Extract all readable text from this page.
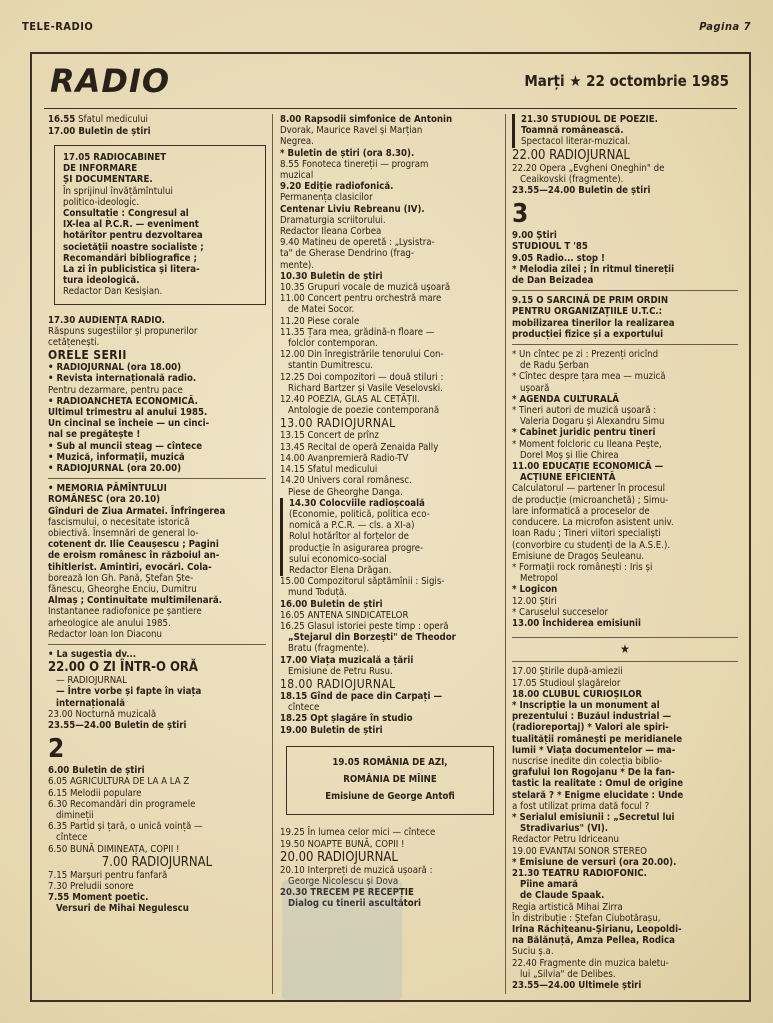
TELE-RADIO	Pagina 7
RADIO	Marți ★ 22 octombrie 1985
16.55 Sfatul medicului
17.00 Buletin de știri

17.05 RADIOCABINET

DE INFORMARE

ȘI DOCUMENTARE.

În sprijinul învățămîntului

politico-ideologic.

Consultație : Congresul al

IX-lea al P.C.R. — eveniment

hotărîtor pentru dezvoltarea

societății noastre socialiste ;

Recomandări bibliografice ;

La zi în publicistica și litera-

tura ideologică.

Redactor Dan Kesișian.

17.30 AUDIENȚA RADIO.

Răspuns sugestiilor și propunerilor

cetățenești.

ORELE SERII

• RADIOJURNAL (ora 18.00)

• Revista internațională radio.

Pentru dezarmare, pentru pace

• RADIOANCHETA ECONOMICĂ.

Ultimul trimestru al anului 1985.

Un cincinal se încheie — un cinci-

nal se pregătește !

• Sub al muncii steag — cîntece

• Muzică, informații, muzică

• RADIOJURNAL (ora 20.00)

• MEMORIA PĂMÎNTULUI

ROMÂNESC (ora 20.10)

Gînduri de Ziua Armatei. Înfrîngerea

fascismului, o necesitate istorică

obiectivă. Însemnări de general lo-

cotenent dr. Ilie Ceaușescu ; Pagini

de eroism românesc în războiul an-

tihitlerist. Amintiri, evocări. Cola-

borează Ion Gh. Pană, Ștefan Ște-

fănescu, Gheorghe Enciu, Dumitru

Almaș ; Continuitate multimilenară.

Instantanee radiofonice pe șantiere

arheologice ale anului 1985.

Redactor Ioan Ion Diaconu

• La sugestia dv...

22.00 O ZI ÎNTR-O ORĂ

— RADIOJURNAL

— Între vorbe și fapte în viața

internațională

23.00 Nocturnă muzicală

23.55—24.00 Buletin de știri

2

6.00 Buletin de știri

6.05 AGRICULTURA DE LA A LA Z

6.15 Melodii populare

6.30 Recomandări din programele

dimineții

6.35 Partid și țară, o unică voință —

cîntece

6.50 BUNĂ DIMINEAȚA, COPII !

7.00 RADIOJURNAL

7.15 Marșuri pentru fanfară

7.30 Preludii sonore

7.55 Moment poetic.

Versuri de Mihai Negulescu

8.00 Rapsodii simfonice de Antonin

Dvorak, Maurice Ravel și Marțian

Negrea.

* Buletin de știri (ora 8.30).

8.55 Fonoteca tinereții — program

muzical

9.20 Ediție radiofonică.

Permanența clasicilor

Centenar Liviu Rebreanu (IV).

Dramaturgia scriitorului.

Redactor Ileana Corbea

9.40 Matineu de operetă : „Lysistra-

ta" de Gherase Dendrino (frag-

mente).

10.30 Buletin de știri

10.35 Grupuri vocale de muzică ușoară

11.00 Concert pentru orchestră mare

de Matei Socor.

11.20 Piese corale

11.35 Țara mea, grădină-n floare —

folclor contemporan.

12.00 Din înregistrările tenorului Con-

stantin Dumitrescu.

12.25 Doi compozitori — două stiluri :

Richard Bartzer și Vasile Veselovski.

12.40 POEZIA, GLAS AL CETĂȚII.

Antologie de poezie contemporană

13.00 RADIOJURNAL

13.15 Concert de prînz

13.45 Recital de operă Zenaida Pally

14.00 Avanpremieră Radio-TV

14.15 Sfatul medicului

14.20 Univers coral românesc.

Piese de Gheorghe Danga.

14.30 Colocviile radioșcoală

(Economie, politică, politica eco-

nomică a P.C.R. — cls. a XI-a)

Rolul hotărîtor al forțelor de

producție în asigurarea progre-

sului economico-social

Redactor Elena Drăgan.

15.00 Compozitorul săptămînii : Sigis-

mund Toduță.

16.00 Buletin de știri

16.05 ANTENA SINDICATELOR

16.25 Glasul istoriei peste timp : operă

„Stejarul din Borzești" de Theodor

Bratu (fragmente).

17.00 Viața muzicală a țării

Emisiune de Petru Rusu.

18.00 RADIOJURNAL

18.15 Gînd de pace din Carpați —

cîntece

18.25 Opt șlagăre în studio

19.00 Buletin de știri

19.05 ROMÂNIA DE AZI,

ROMÂNIA DE MÎINE

Emisiune de George Antofi

19.25 În lumea celor mici — cîntece

19.50 NOAPTE BUNĂ, COPII !

20.00 RADIOJURNAL

20.10 Interpreți de muzică ușoară :

George Nicolescu și Dova

20.30 TRECEM PE RECEPȚIE

Dialog cu tinerii ascultători

21.30 STUDIOUL DE POEZIE.

Toamnă românească.

Spectacol literar-muzical.

22.00 RADIOJURNAL

22.20 Opera „Evgheni Oneghin" de

Ceaikovski (fragmente).

23.55—24.00 Buletin de știri

3

9.00 Știri

STUDIOUL T '85

9.05 Radio... stop !

* Melodia zilei ; În ritmul tinereții

de Dan Beizadea

9.15 O SARCINĂ DE PRIM ORDIN

PENTRU ORGANIZAȚIILE U.T.C.:

mobilizarea tinerilor la realizarea

producției fizice și a exportului

* Un cîntec pe zi : Prezenți oricînd

de Radu Șerban

* Cîntec despre țara mea — muzică

ușoară

* AGENDA CULTURALĂ

* Tineri autori de muzică ușoară :

Valeria Dogaru și Alexandru Simu

* Cabinet juridic pentru tineri

* Moment folcloric cu Ileana Pește,

Dorel Moș și Ilie Chirea

11.00 EDUCAȚIE ECONOMICĂ —

ACȚIUNE EFICIENTĂ

Calculatorul — partener în procesul

de producție (microanchetă) ; Simu-

lare informatică a proceselor de

conducere. La microfon asistent univ.

Ioan Radu ; Tineri viitori specialiști

(convorbire cu studenți de la A.S.E.).

Emisiune de Dragoș Seuleanu.

* Formații rock românești : Iris și

Metropol

* Logicon

12.00 Știri

* Caruselul succeselor

13.00 Închiderea emisiunii

★

17.00 Știrile după-amiezii

17.05 Studioul șlagărelor

18.00 CLUBUL CURIOȘILOR

* Inscripție la un monument al

prezentului : Buzăul industrial —

(radioreportaj) * Valori ale spiri-

tualității românești pe meridianele

lumii * Viața documentelor — ma-

nuscrise inedite din colecția biblio-

grafului Ion Rogojanu * De la fan-

tastic la realitate : Omul de origine

stelară ? * Enigme elucidate : Unde

a fost utilizat prima dată focul ?

* Serialul emisiunii : „Secretul lui

Stradivarius" (VI).

Redactor Petru Idriceanu

19.00 EVANTAI SONOR STEREO

* Emisiune de versuri (ora 20.00).

21.30 TEATRU RADIOFONIC.

Pîine amară

de Claude Spaak.

Regia artistică Mihai Zirra

În distribuție : Ștefan Ciubotărașu,

Irina Răchițeanu-Șirianu, Leopoldi-

na Bălănuță, Amza Pellea, Rodica

Suciu ș.a.

22.40 Fragmente din muzica baletu-

lui „Silvia" de Delibes.

23.55—24.00 Ultimele știri
